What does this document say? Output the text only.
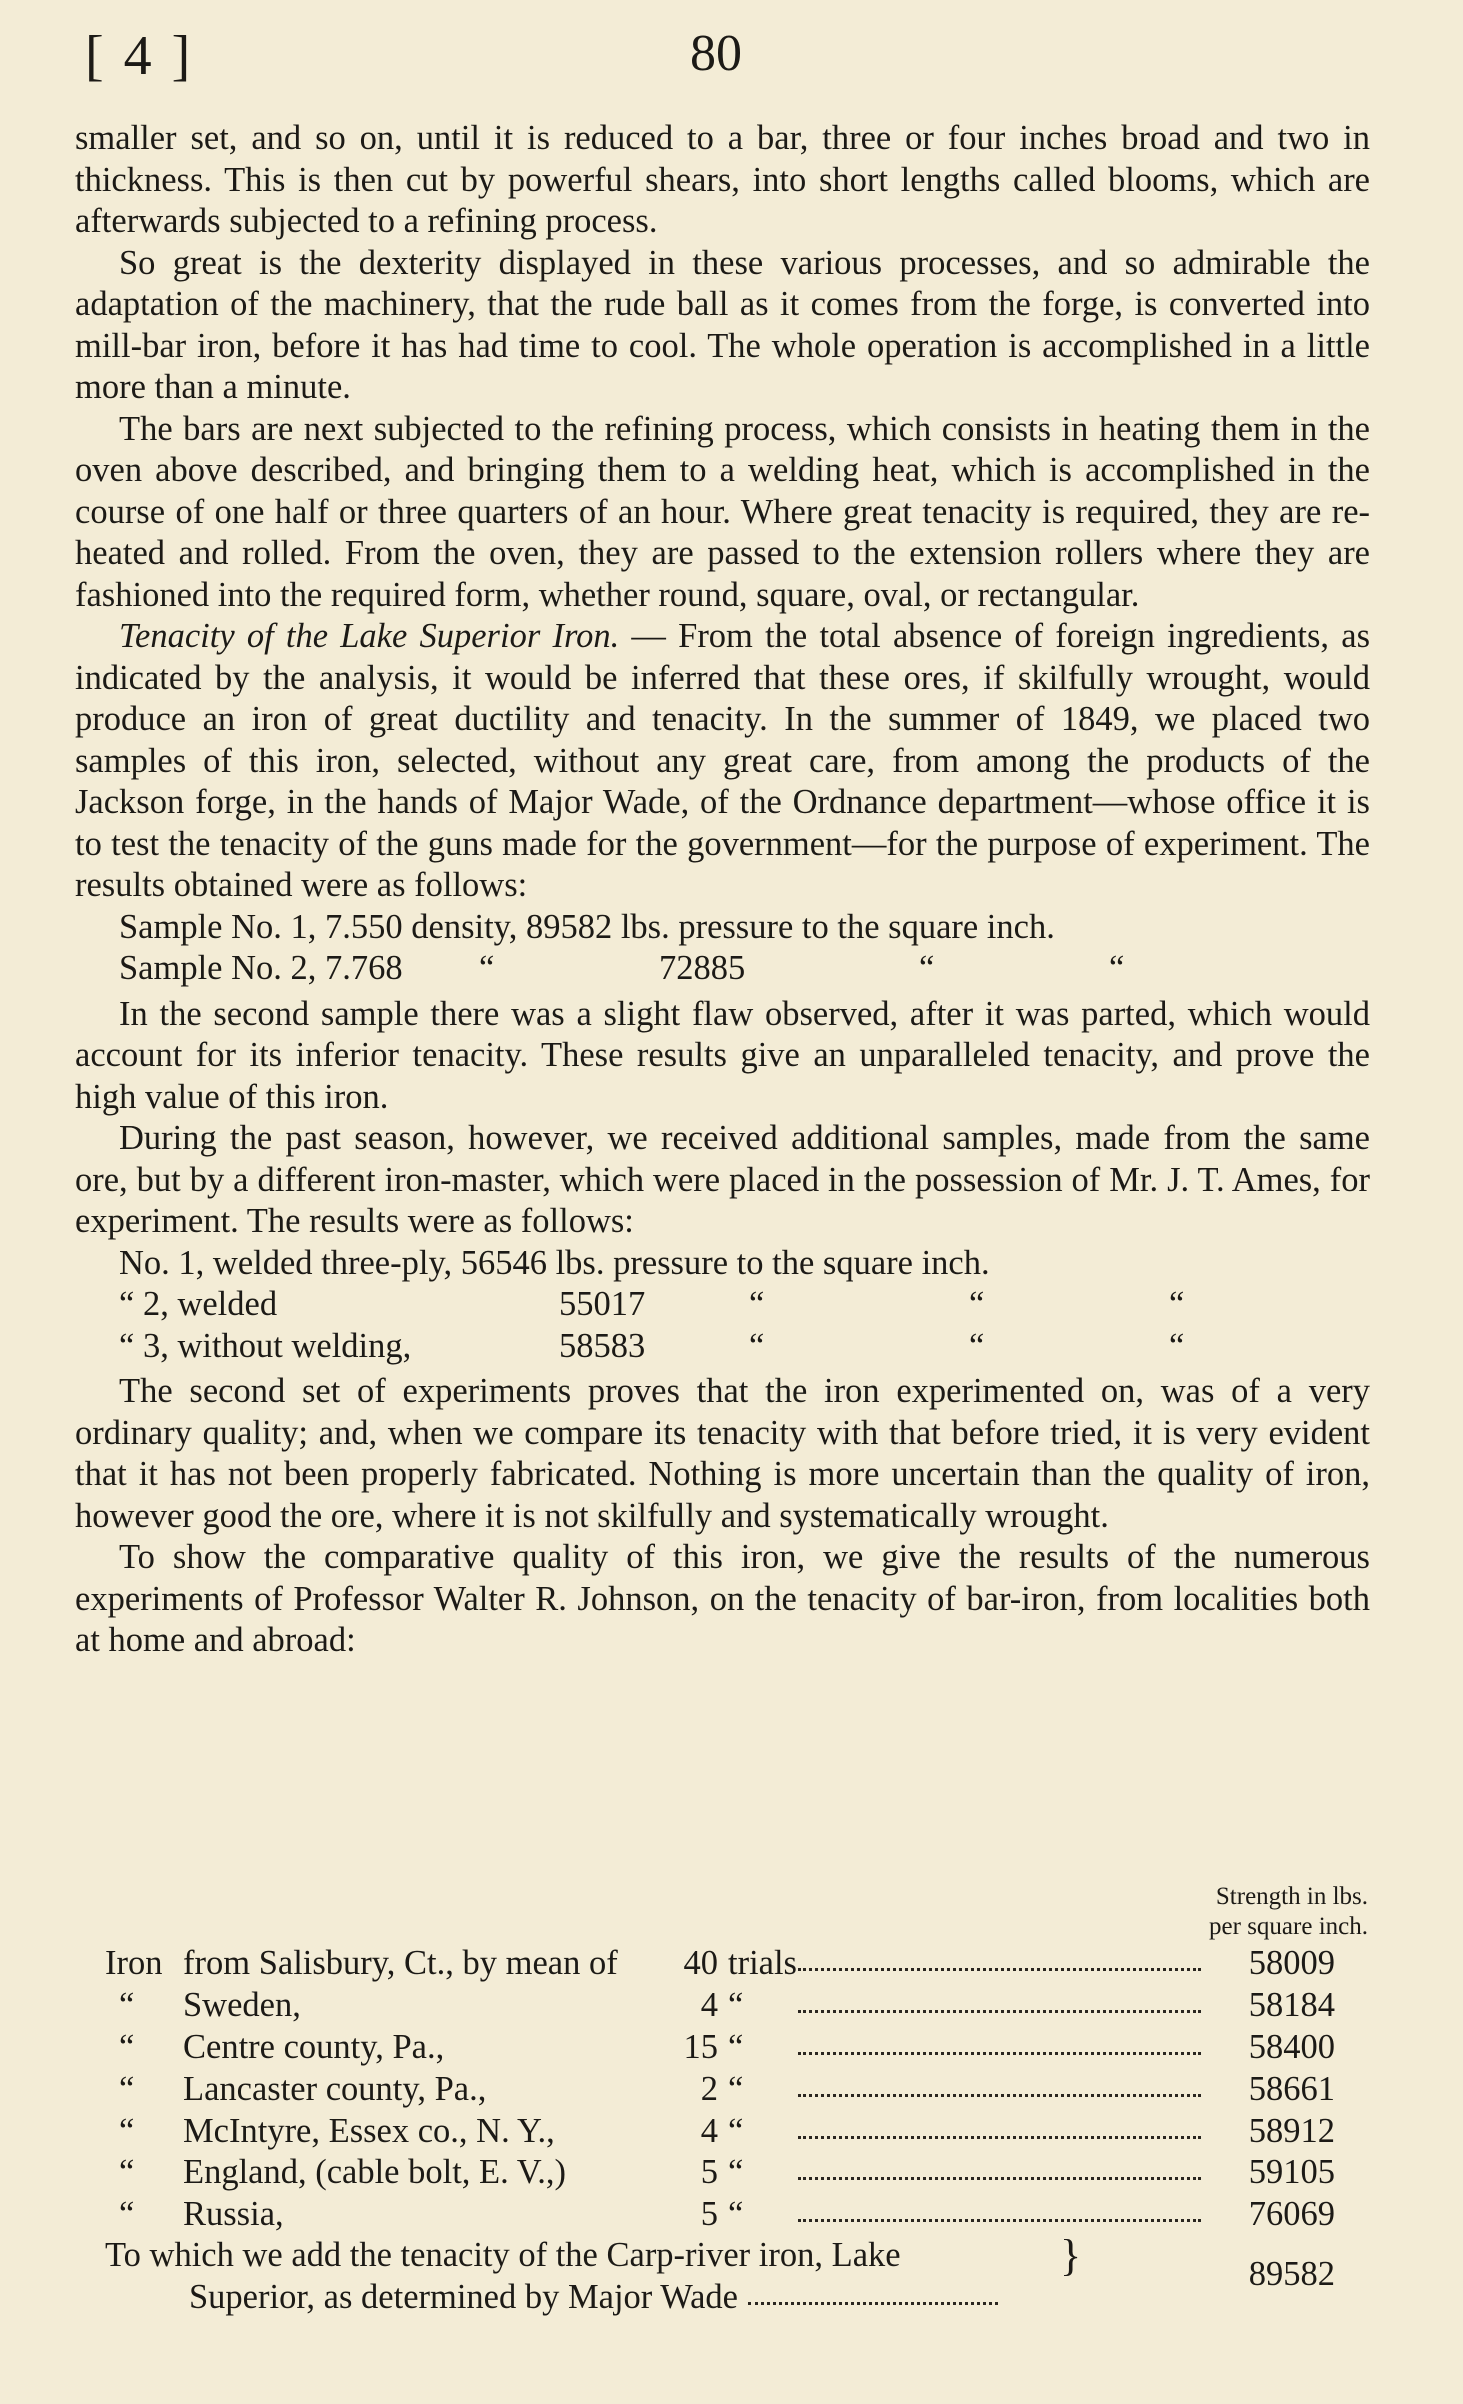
[ 4 ]	80

smaller set, and so on, until it is reduced to a bar, three or four inches broad and two in thickness. This is then cut by powerful shears, into short lengths called blooms, which are afterwards subjected to a refining process.

So great is the dexterity displayed in these various processes, and so admirable the adaptation of the machinery, that the rude ball as it comes from the forge, is converted into mill-bar iron, before it has had time to cool. The whole operation is accomplished in a little more than a minute.

The bars are next subjected to the refining process, which consists in heating them in the oven above described, and bringing them to a welding heat, which is accomplished in the course of one half or three quarters of an hour. Where great tenacity is required, they are re-heated and rolled. From the oven, they are passed to the extension rollers where they are fashioned into the required form, whether round, square, oval, or rectangular.

Tenacity of the Lake Superior Iron. — From the total absence of foreign ingredients, as indicated by the analysis, it would be inferred that these ores, if skilfully wrought, would produce an iron of great ductility and tenacity. In the summer of 1849, we placed two samples of this iron, selected, without any great care, from among the products of the Jackson forge, in the hands of Major Wade, of the Ordnance department—whose office it is to test the tenacity of the guns made for the government—for the purpose of experiment. The results obtained were as follows:

Sample No. 1, 7.550 density, 89582 lbs. pressure to the square inch.
Sample No. 2, 7.768	“	72885	“	“

In the second sample there was a slight flaw observed, after it was parted, which would account for its inferior tenacity. These results give an unparalleled tenacity, and prove the high value of this iron.

During the past season, however, we received additional samples, made from the same ore, but by a different iron-master, which were placed in the possession of Mr. J. T. Ames, for experiment. The results were as follows:

No. 1, welded three-ply, 56546 lbs. pressure to the square inch.
“ 2, welded	55017	“	“	“
“ 3, without welding,	58583	“	“	“

The second set of experiments proves that the iron experimented on, was of a very ordinary quality; and, when we compare its tenacity with that before tried, it is very evident that it has not been properly fabricated. Nothing is more uncertain than the quality of iron, however good the ore, where it is not skilfully and systematically wrought.

To show the comparative quality of this iron, we give the results of the numerous experiments of Professor Walter R. Johnson, on the tenacity of bar-iron, from localities both at home and abroad:

Strength in lbs.
per square inch.
Iron from Salisbury, Ct., by mean of	40 trials	58009
“	Sweden,	4 “	58184
“	Centre county, Pa.,	15 “	58400
“	Lancaster county, Pa.,	2 “	58661
“	McIntyre, Essex co., N. Y.,	4 “	58912
“	England, (cable bolt, E. V.,)	5 “	59105
“	Russia,	5 “	76069
To which we add the tenacity of the Carp-river iron, Lake
Superior, as determined by Major Wade
}	89582
